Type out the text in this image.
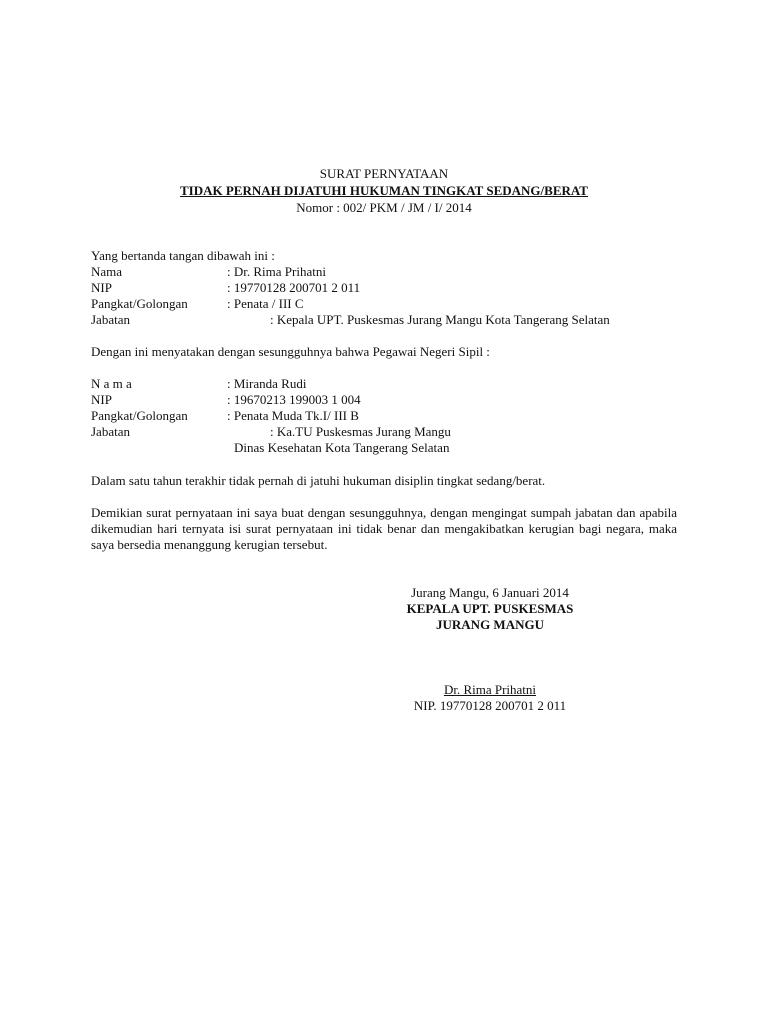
SURAT PERNYATAAN
TIDAK PERNAH DIJATUHI HUKUMAN TINGKAT SEDANG/BERAT
Nomor : 002/ PKM / JM / I/ 2014
Yang bertanda tangan dibawah ini :
Nama	: Dr. Rima Prihatni
NIP	: 19770128 200701 2 011
Pangkat/Golongan	: Penata / III C
Jabatan	: Kepala UPT. Puskesmas Jurang Mangu Kota Tangerang Selatan
Dengan ini menyatakan dengan sesungguhnya bahwa Pegawai Negeri Sipil :
N a m a	: Miranda Rudi
NIP	: 19670213 199003 1 004
Pangkat/Golongan	: Penata Muda Tk.I/ III B
Jabatan	: Ka.TU Puskesmas Jurang Mangu
Dinas Kesehatan Kota Tangerang Selatan
Dalam satu tahun terakhir tidak pernah di jatuhi hukuman disiplin tingkat sedang/berat.
Demikian surat pernyataan ini saya buat dengan sesungguhnya, dengan mengingat sumpah jabatan dan apabila dikemudian hari ternyata isi surat pernyataan ini tidak benar dan mengakibatkan kerugian bagi negara, maka saya bersedia menanggung kerugian tersebut.
Jurang Mangu, 6 Januari 2014
KEPALA UPT. PUSKESMAS
JURANG MANGU
Dr. Rima Prihatni
NIP. 19770128 200701 2 011
